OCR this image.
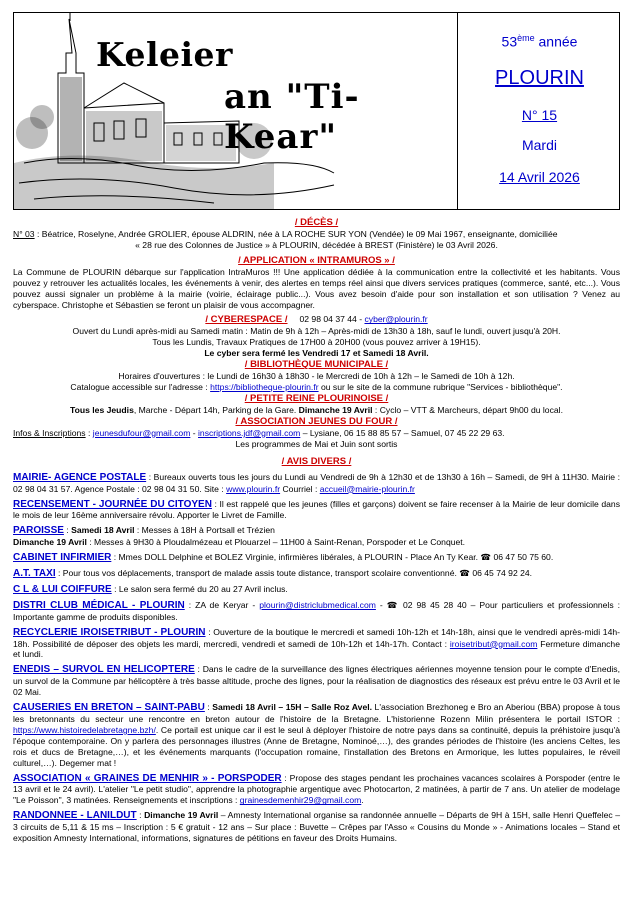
Keleier
an "Ti-Kear"
53ème année
PLOURIN
N° 15
Mardi
14 Avril 2026
/ DÉCÈS /

N° 03 : Béatrice, Roselyne, Andrée GROLIER, épouse ALDRIN, née à LA ROCHE SUR YON (Vendée) le 09 Mai 1967, enseignante, domiciliée

« 28 rue des Colonnes de Justice » à PLOURIN, décédée à BREST (Finistère) le 03 Avril 2026.

/ APPLICATION « INTRAMUROS » /

La Commune de PLOURIN débarque sur l'application IntraMuros !!! Une application dédiée à la communication entre la collectivité et les habitants. Vous pouvez y retrouver les actualités locales, les événements à venir, des alertes en temps réel ainsi que divers services pratiques (commerce, santé, etc...). Vous pouvez aussi signaler un problème à la mairie (voirie, éclairage public...). Vous avez besoin d'aide pour son installation et son utilisation ? Venez au cyberspace. Christophe et Sébastien se feront un plaisir de vous accompagner.

/ CYBERESPACE / 02 98 04 37 44 - cyber@plourin.fr

Ouvert du Lundi après-midi au Samedi matin : Matin de 9h à 12h – Après-midi de 13h30 à 18h, sauf le lundi, ouvert jusqu'à 20H.

Tous les Lundis, Travaux Pratiques de 17H00 à 20H00 (vous pouvez arriver à 19H15).

Le cyber sera fermé les Vendredi 17 et Samedi 18 Avril.

/ BIBLIOTHÈQUE MUNICIPALE /

Horaires d'ouvertures : le Lundi de 16h30 à 18h30 - le Mercredi de 10h à 12h – le Samedi de 10h à 12h.

Catalogue accessible sur l'adresse : https://bibliotheque-plourin.fr ou sur le site de la commune rubrique "Services - bibliothèque".

/ PETITE REINE PLOURINOISE /

Tous les Jeudis, Marche - Départ 14h, Parking de la Gare. Dimanche 19 Avril : Cyclo – VTT & Marcheurs, départ 9h00 du local.

/ ASSOCIATION JEUNES DU FOUR /

Infos & Inscriptions : jeunesdufour@gmail.com - inscriptions.jdf@gmail.com – Lysiane, 06 15 88 85 57 – Samuel, 07 45 22 29 63.

Les programmes de Mai et Juin sont sortis

/ AVIS DIVERS /

MAIRIE- AGENCE POSTALE : Bureaux ouverts tous les jours du Lundi au Vendredi de 9h à 12h30 et de 13h30 à 16h – Samedi, de 9H à 11H30. Mairie : 02 98 04 31 57. Agence Postale : 02 98 04 31 50. Site : www.plourin.fr Courriel : accueil@mairie-plourin.fr

RECENSEMENT - JOURNÉE DU CITOYEN : Il est rappelé que les jeunes (filles et garçons) doivent se faire recenser à la Mairie de leur domicile dans le mois de leur 16ème anniversaire révolu. Apporter le Livret de Famille.

PAROISSE : Samedi 18 Avril : Messes à 18H à Portsall et Trézien

Dimanche 19 Avril : Messes à 9H30 à Ploudalmézeau et Plouarzel – 11H00 à Saint-Renan, Porspoder et Le Conquet.

CABINET INFIRMIER : Mmes DOLL Delphine et BOLEZ Virginie, infirmières libérales, à PLOURIN - Place An Ty Kear. ☎ 06 47 50 75 60.

A.T. TAXI : Pour tous vos déplacements, transport de malade assis toute distance, transport scolaire conventionné. ☎ 06 45 74 92 24.

C L & LUI COIFFURE : Le salon sera fermé du 20 au 27 Avril inclus.

DISTRI CLUB MÉDICAL - PLOURIN : ZA de Keryar - plourin@districlubmedical.com - ☎ 02 98 45 28 40 – Pour particuliers et professionnels : Importante gamme de produits disponibles.

RECYCLERIE IROISETRIBUT - PLOURIN : Ouverture de la boutique le mercredi et samedi 10h-12h et 14h-18h, ainsi que le vendredi après-midi 14h-18h. Possibilité de déposer des objets les mardi, mercredi, vendredi et samedi de 10h-12h et 14h-17h. Contact : iroisetribut@gmail.com Fermeture dimanche et lundi.

ENEDIS – SURVOL EN HELICOPTERE : Dans le cadre de la surveillance des lignes électriques aériennes moyenne tension pour le compte d'Enedis, un survol de la Commune par hélicoptère à très basse altitude, proche des lignes, pour la réalisation de diagnostics des réseaux est prévu entre le 03 Avril et le 02 Mai.

CAUSERIES EN BRETON – SAINT-PABU : Samedi 18 Avril – 15H – Salle Roz Avel. L'association Brezhoneg e Bro an Aberiou (BBA) propose à tous les bretonnants du secteur une rencontre en breton autour de l'histoire de la Bretagne. L'historienne Rozenn Milin présentera le portail ISTOR : https://www.histoiredelabretagne.bzh/. Ce portail est unique car il est le seul à déployer l'histoire de notre pays dans sa continuité, depuis la préhistoire jusqu'à l'époque contemporaine. On y parlera des personnages illustres (Anne de Bretagne, Nominoé,…), des grandes périodes de l'histoire (les anciens Celtes, les rois et ducs de Bretagne,…), et les événements marquants (l'occupation romaine, l'installation des Bretons en Armorique, les luttes populaires, le réveil culturel,…). Degemer mat !

ASSOCIATION « GRAINES DE MENHIR » - PORSPODER : Propose des stages pendant les prochaines vacances scolaires à Porspoder (entre le 13 avril et le 24 avril). L'atelier "Le petit studio", apprendre la photographie argentique avec Photocarton, 2 matinées, à partir de 7 ans. Un atelier de modelage "Le Poisson", 3 matinées. Renseignements et inscriptions : grainesdemenhir29@gmail.com.

RANDONNEE - LANILDUT : Dimanche 19 Avril – Amnesty International organise sa randonnée annuelle – Départs de 9H à 15H, salle Henri Queffelec – 3 circuits de 5,11 & 15 ms – Inscription : 5 € gratuit - 12 ans – Sur place : Buvette – Crêpes par l'Asso « Cousins du Monde » - Animations locales – Stand et exposition Amnesty International, informations, signatures de pétitions en faveur des Droits Humains.
